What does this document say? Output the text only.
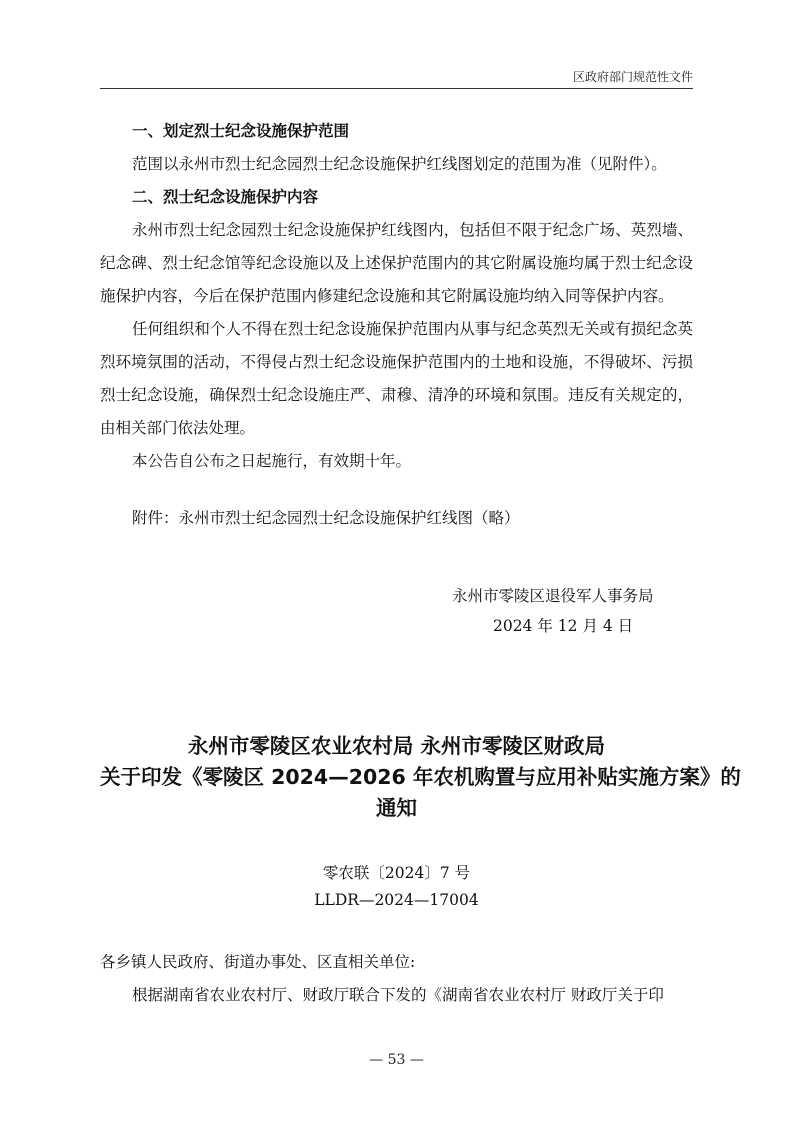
区政府部门规范性文件

一、划定烈士纪念设施保护范围

范围以永州市烈士纪念园烈士纪念设施保护红线图划定的范围为准（见附件）。

二、烈士纪念设施保护内容

永州市烈士纪念园烈士纪念设施保护红线图内，包括但不限于纪念广场、英烈墙、纪念碑、烈士纪念馆等纪念设施以及上述保护范围内的其它附属设施均属于烈士纪念设施保护内容，今后在保护范围内修建纪念设施和其它附属设施均纳入同等保护内容。

任何组织和个人不得在烈士纪念设施保护范围内从事与纪念英烈无关或有损纪念英烈环境氛围的活动，不得侵占烈士纪念设施保护范围内的土地和设施，不得破坏、污损烈士纪念设施，确保烈士纪念设施庄严、肃穆、清净的环境和氛围。违反有关规定的，由相关部门依法处理。

本公告自公布之日起施行，有效期十年。

附件：永州市烈士纪念园烈士纪念设施保护红线图（略）

永州市零陵区退役军人事务局
2024 年 12 月 4 日
永州市零陵区农业农村局 永州市零陵区财政局
关于印发《零陵区 2024—2026 年农机购置与应用补贴实施方案》的
通知
零农联〔2024〕7 号
LLDR—2024—17004
各乡镇人民政府、街道办事处、区直相关单位:
根据湖南省农业农村厅、财政厅联合下发的《湖南省农业农村厅 财政厅关于印
— 53 —
